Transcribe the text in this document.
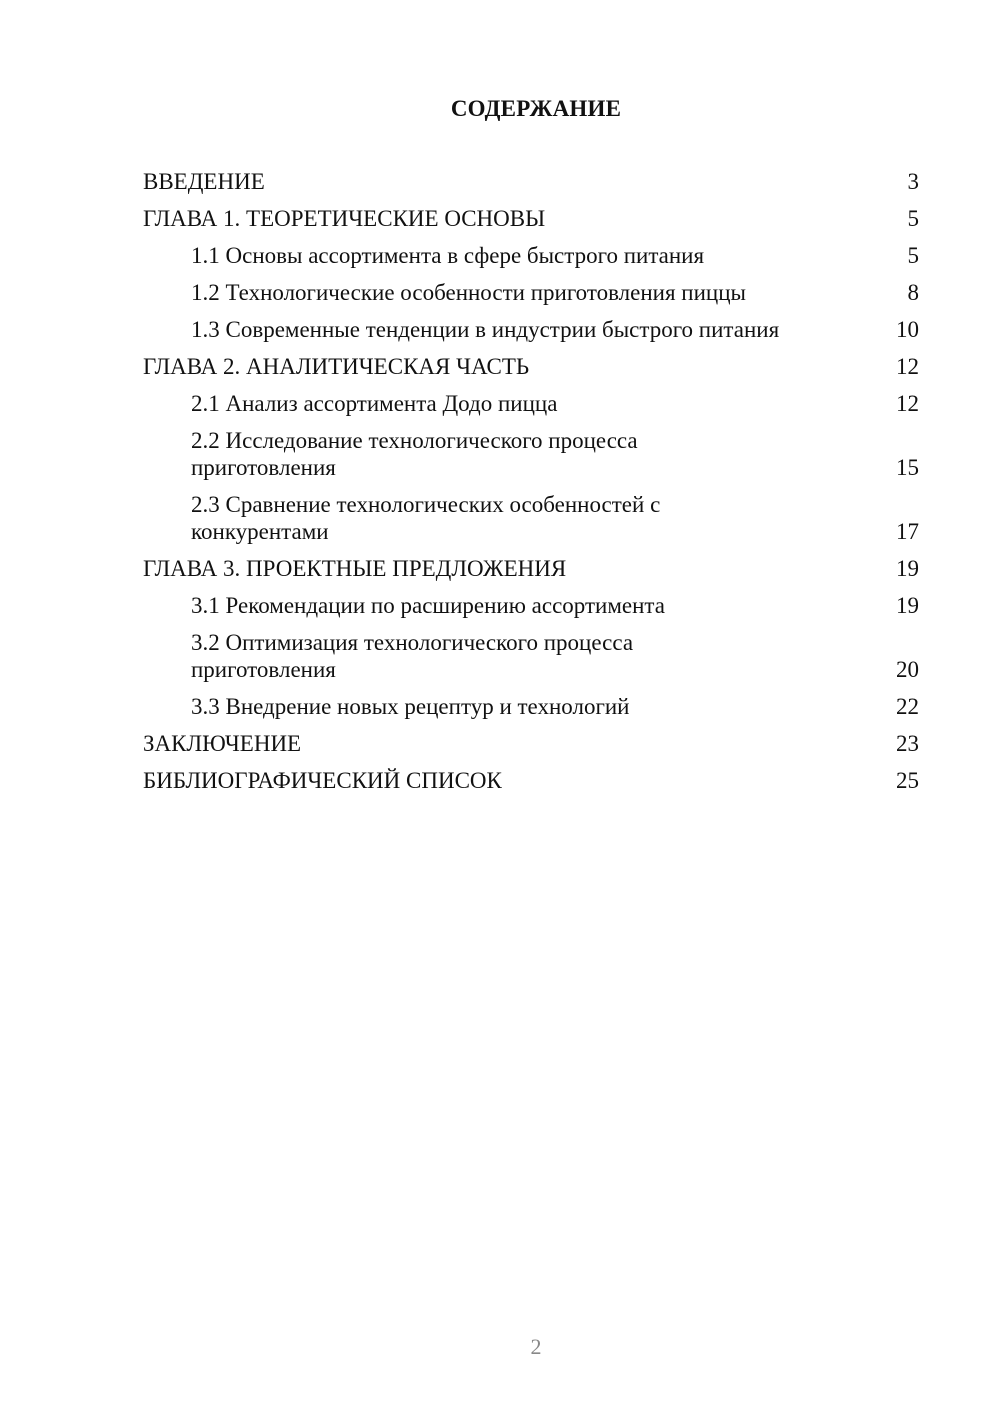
СОДЕРЖАНИЕ
ВВЕДЕНИЕ	3
ГЛАВА 1. ТЕОРЕТИЧЕСКИЕ ОСНОВЫ	5
1.1 Основы ассортимента в сфере быстрого питания	5
1.2 Технологические особенности приготовления пиццы	8
1.3 Современные тенденции в индустрии быстрого питания	10
ГЛАВА 2. АНАЛИТИЧЕСКАЯ ЧАСТЬ	12
2.1 Анализ ассортимента Додо пицца	12
2.2 Исследование технологического процесса приготовления	15
2.3 Сравнение технологических особенностей с конкурентами	17
ГЛАВА 3. ПРОЕКТНЫЕ ПРЕДЛОЖЕНИЯ	19
3.1 Рекомендации по расширению ассортимента	19
3.2 Оптимизация технологического процесса приготовления	20
3.3 Внедрение новых рецептур и технологий	22
ЗАКЛЮЧЕНИЕ	23
БИБЛИОГРАФИЧЕСКИЙ СПИСОК	25
2
